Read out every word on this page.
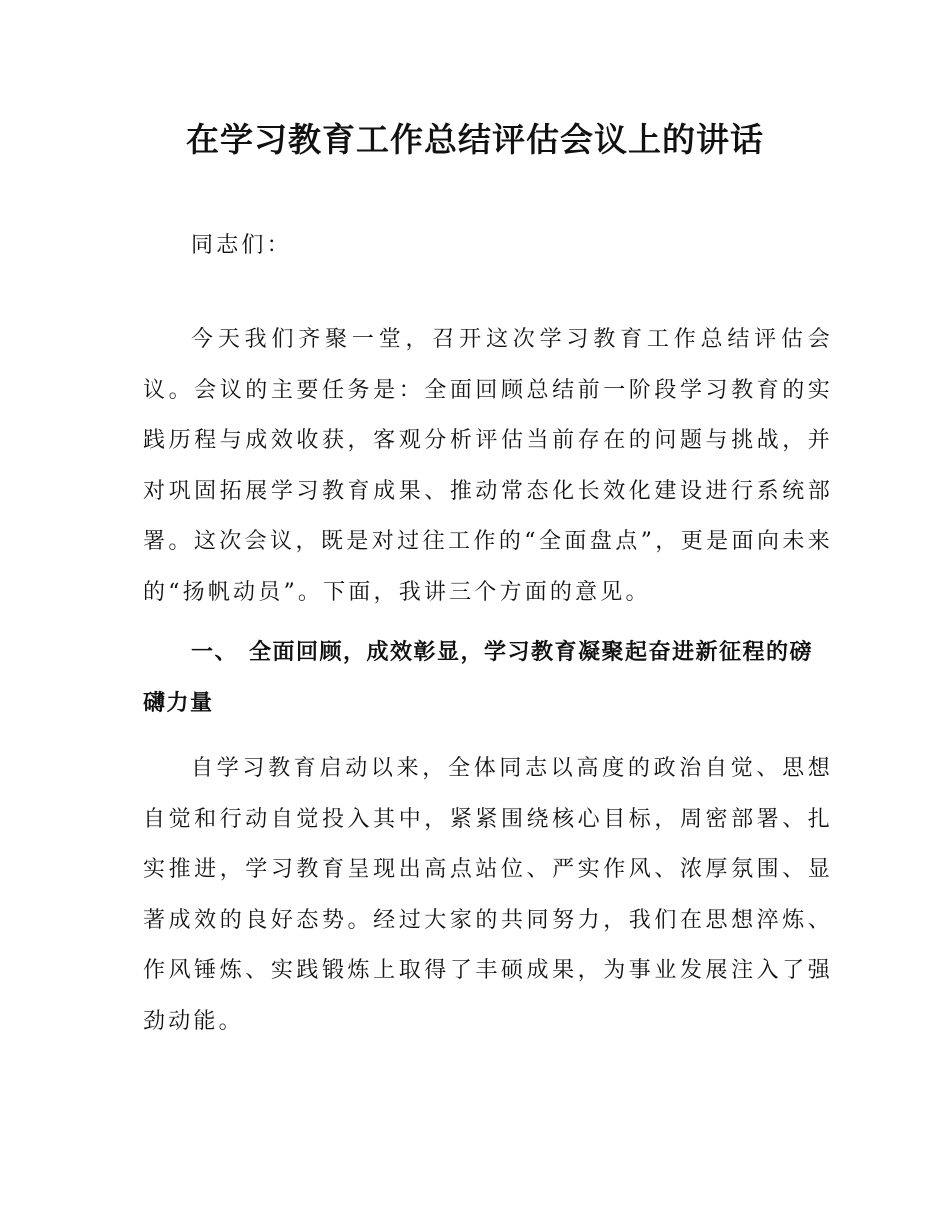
在学习教育工作总结评估会议上的讲话

同志们：

今天我们齐聚一堂，召开这次学习教育工作总结评估会议。会议的主要任务是：全面回顾总结前一阶段学习教育的实践历程与成效收获，客观分析评估当前存在的问题与挑战，并对巩固拓展学习教育成果、推动常态化长效化建设进行系统部署。这次会议，既是对过往工作的“全面盘点”，更是面向未来的“扬帆动员”。下面，我讲三个方面的意见。

一、 全面回顾，成效彰显，学习教育凝聚起奋进新征程的磅礴力量

自学习教育启动以来，全体同志以高度的政治自觉、思想自觉和行动自觉投入其中，紧紧围绕核心目标，周密部署、扎实推进，学习教育呈现出高点站位、严实作风、浓厚氛围、显著成效的良好态势。经过大家的共同努力，我们在思想淬炼、作风锤炼、实践锻炼上取得了丰硕成果，为事业发展注入了强劲动能。
